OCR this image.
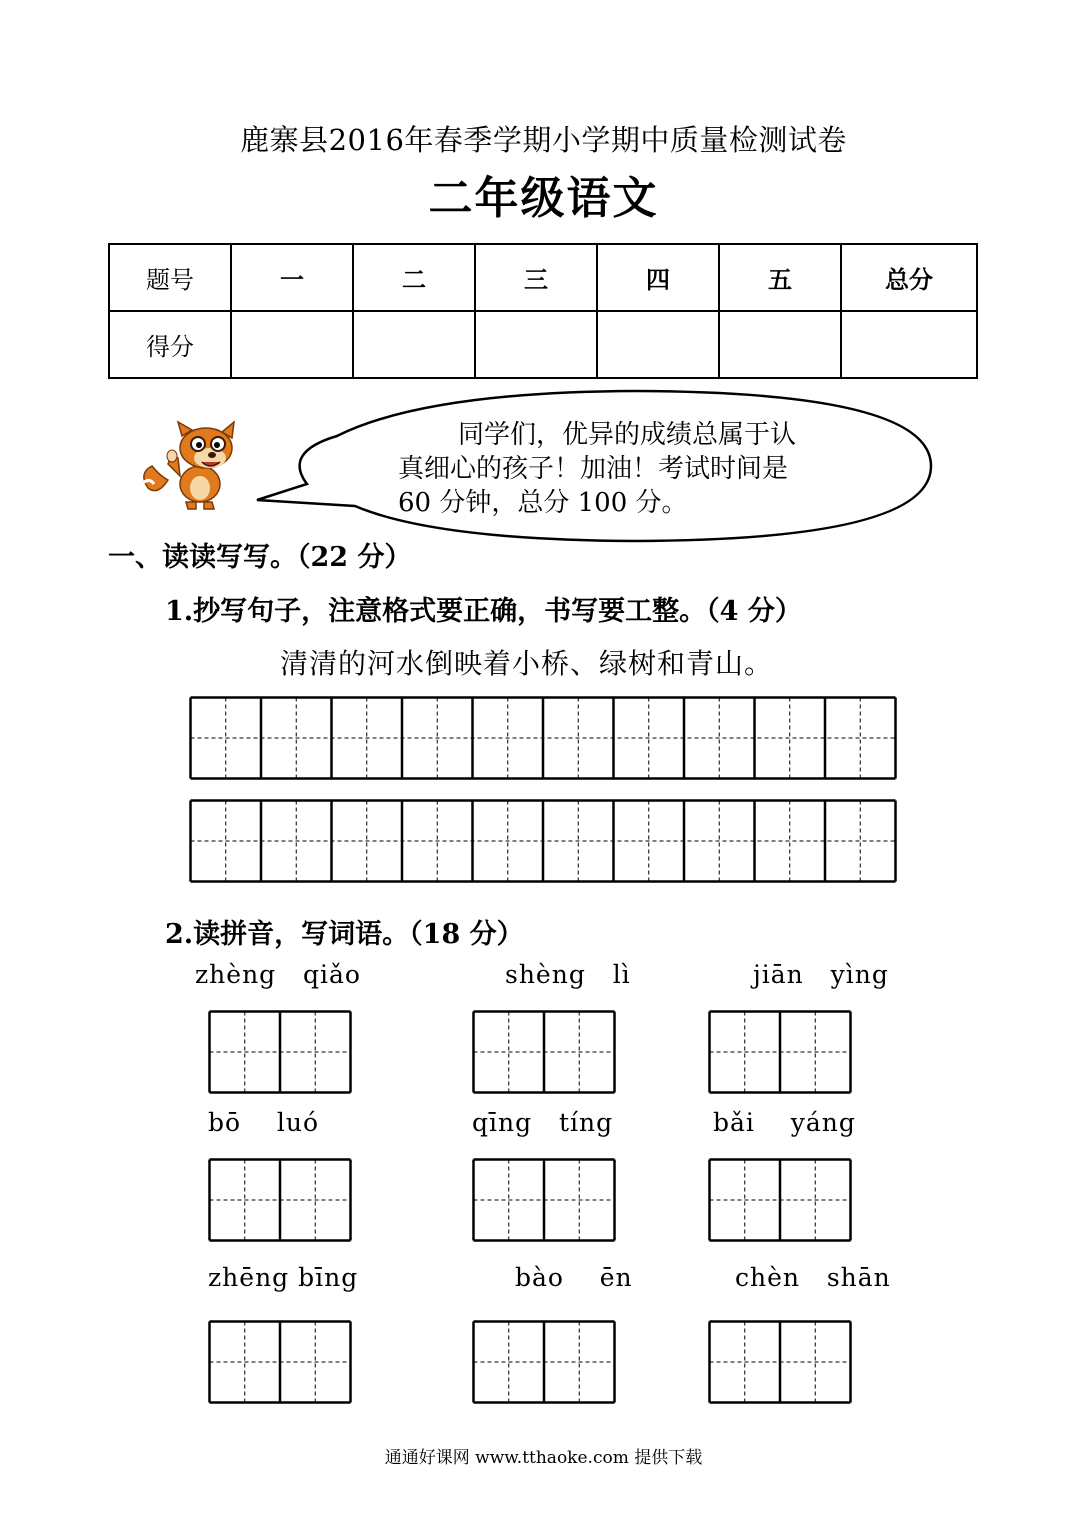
鹿寨县2016年春季学期小学期中质量检测试卷
二年级语文
题号	一	二	三	四	五	总分
得分						
同学们，优异的成绩总属于认
真细心的孩子！加油！考试时间是
60 分钟，总分 100 分。
一、读读写写。（22 分）
1.抄写句子，注意格式要正确，书写要工整。（4 分）
清清的河水倒映着小桥、绿树和青山。
2.读拼音，写词语。（18 分）
zhèng qiǎo	shèng lì	jiān yìng
bō luó	qīng tíng	bǎi yáng
zhēng bīng	bào ēn	chèn shān
通通好课网 www.tthaoke.com 提供下载
